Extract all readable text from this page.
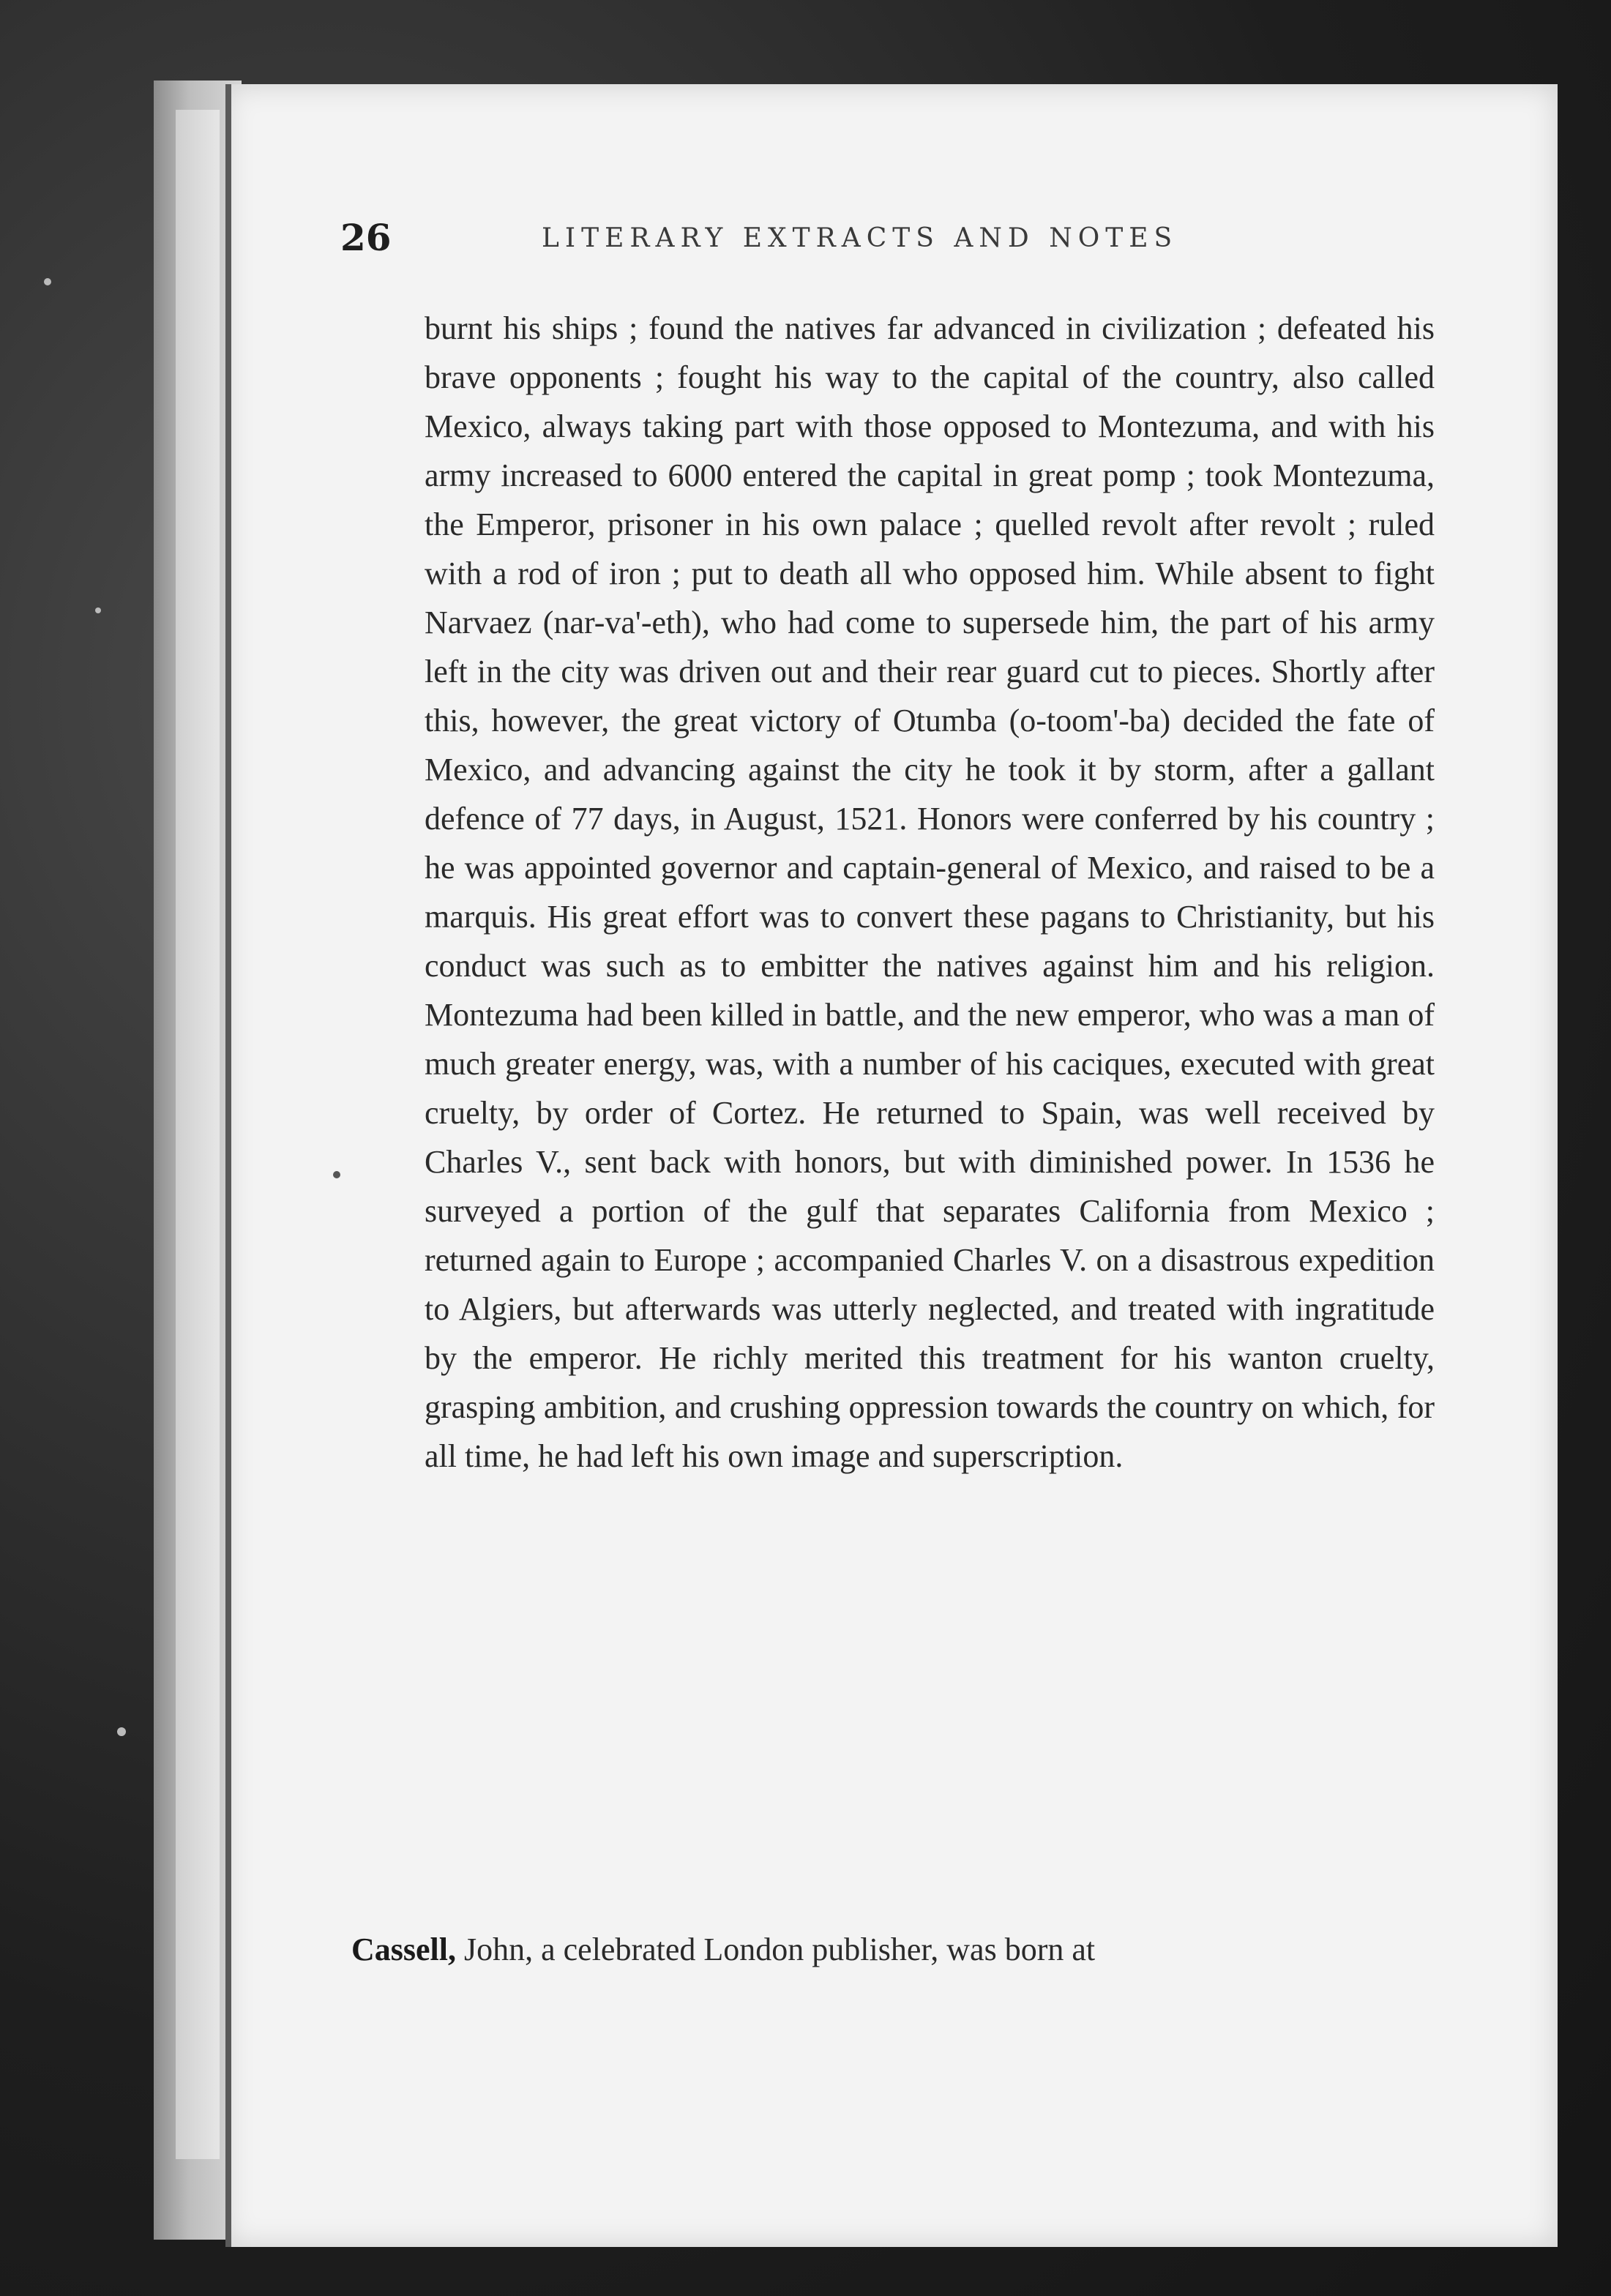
26	LITERARY EXTRACTS AND NOTES

burnt his ships ; found the natives far advanced in civilization ; defeated his brave opponents ; fought his way to the capital of the country, also called Mexico, always taking part with those opposed to Montezuma, and with his army increased to 6000 entered the capital in great pomp ; took Montezuma, the Emperor, prisoner in his own palace ; quelled revolt after revolt ; ruled with a rod of iron ; put to death all who opposed him. While absent to fight Narvaez (nar-va'-eth), who had come to supersede him, the part of his army left in the city was driven out and their rear guard cut to pieces. Shortly after this, however, the great victory of Otumba (o-toom'-ba) decided the fate of Mexico, and advancing against the city he took it by storm, after a gallant defence of 77 days, in August, 1521. Honors were conferred by his country ; he was appointed governor and captain-general of Mexico, and raised to be a marquis. His great effort was to convert these pagans to Christianity, but his conduct was such as to embitter the natives against him and his religion. Montezuma had been killed in battle, and the new emperor, who was a man of much greater energy, was, with a number of his caciques, executed with great cruelty, by order of Cortez. He returned to Spain, was well received by Charles V., sent back with honors, but with diminished power. In 1536 he surveyed a portion of the gulf that separates California from Mexico ; returned again to Europe ; accompanied Charles V. on a disastrous expedition to Algiers, but afterwards was utterly neglected, and treated with ingratitude by the emperor. He richly merited this treatment for his wanton cruelty, grasping ambition, and crushing oppression towards the country on which, for all time, he had left his own image and superscription.

Cassell, John, a celebrated London publisher, was born at
